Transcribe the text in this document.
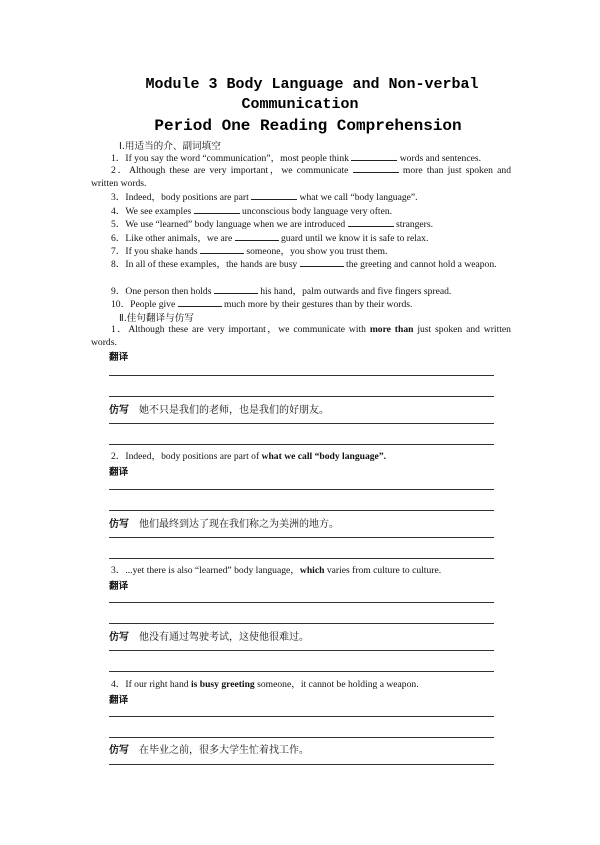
Module 3 Body Language and Non-verbal
Communication
Period One Reading Comprehension
Ⅰ.用适当的介、副词填空
1．If you say the word “communication”，most people think	words and sentences.
2．Although these are very important，we communicate	more than just spoken and written words.
3．Indeed，body positions are part	what we call “body language”.
4．We see examples	unconscious body language very often.
5．We use “learned” body language when we are introduced	strangers.
6．Like other animals，we are	guard until we know it is safe to relax.
7．If you shake hands	someone，you show you trust them.
8．In all of these examples，the hands are busy	the greeting and cannot hold a weapon.
9．One person then holds	his hand，palm outwards and five fingers spread.
10．People give	much more by their gestures than by their words.
Ⅱ.佳句翻译与仿写
1．Although these are very important，we communicate with more than just spoken and written words.
翻译
仿写 她不只是我们的老师，也是我们的好朋友。
2．Indeed，body positions are part of what we call “body language”.
翻译
仿写 他们最终到达了现在我们称之为美洲的地方。
3．...yet there is also “learned” body language，which varies from culture to culture.
翻译
仿写 他没有通过驾驶考试，这使他很难过。
4．If our right hand is busy greeting someone，it cannot be holding a weapon.
翻译
仿写 在毕业之前，很多大学生忙着找工作。
